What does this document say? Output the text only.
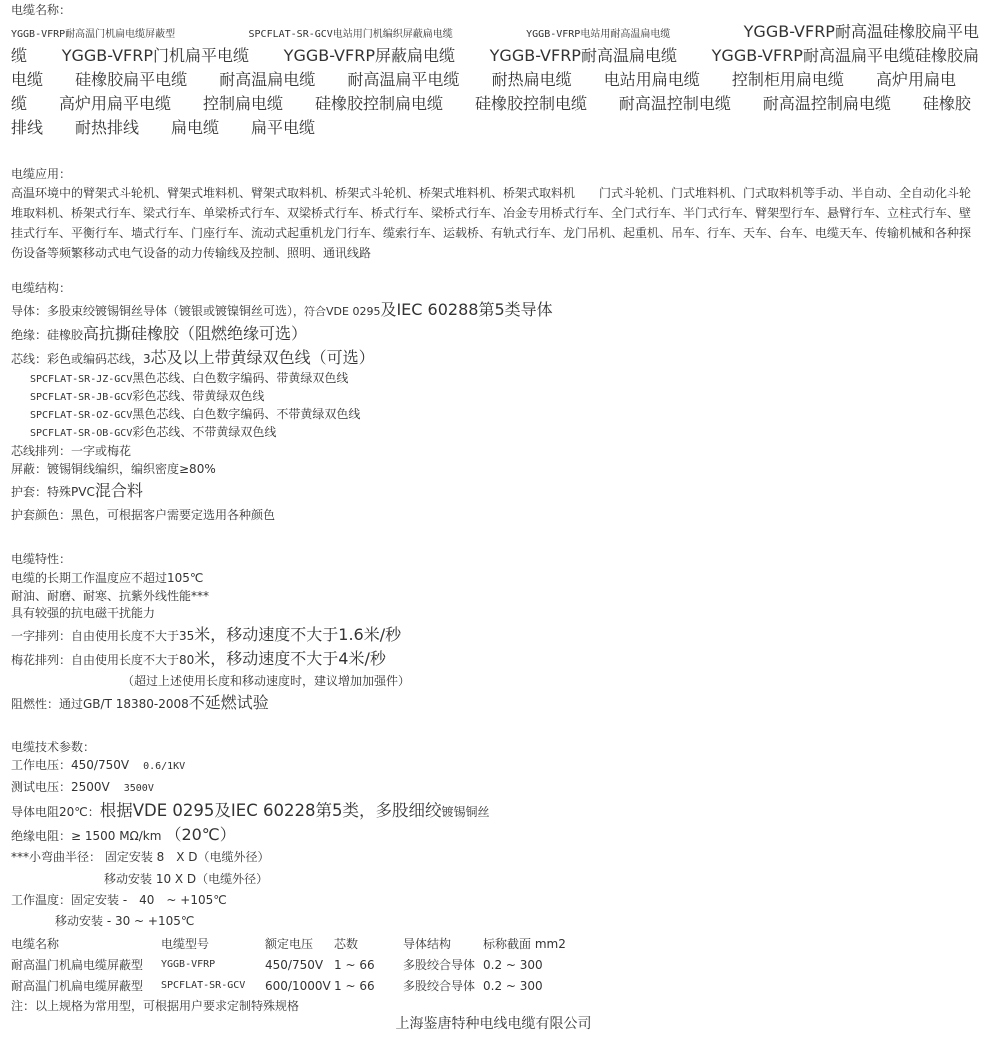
电缆名称：
YGGB-VFRP耐高温门机扁电缆屏蔽型	SPCFLAT-SR-GCV电站用门机编织屏蔽扁电缆	YGGB-VFRP电站用耐高温扁电缆	YGGB-VFRP耐高温硅橡胶扁平电
缆 YGGB-VFRP门机扁平电缆 YGGB-VFRP屏蔽扁电缆 YGGB-VFRP耐高温扁电缆 YGGB-VFRP耐高温扁平电缆硅橡胶扁
电缆 硅橡胶扁平电缆 耐高温扁电缆 耐高温扁平电缆 耐热扁电缆 电站用扁电缆 控制柜用扁电缆 高炉用扁电
缆 高炉用扁平电缆 控制扁电缆 硅橡胶控制扁电缆 硅橡胶控制电缆 耐高温控制电缆 耐高温控制扁电缆 硅橡胶
排线 耐热排线 扁电缆 扁平电缆
电缆应用：
高温环境中的臂架式斗轮机、臂架式堆料机、臂架式取料机、桥架式斗轮机、桥架式堆料机、桥架式取料机　　门式斗轮机、门式堆料机、门式取料机等手动、半自动、全自动化斗轮堆取料机、桥架式行车、梁式行车、单梁桥式行车、双梁桥式行车、桥式行车、梁桥式行车、冶金专用桥式行车、全门式行车、半门式行车、臂架型行车、悬臂行车、立柱式行车、壁挂式行车、平衡行车、墙式行车、门座行车、流动式起重机龙门行车、缆索行车、运载桥、有轨式行车、龙门吊机、起重机、吊车、行车、天车、台车、电缆天车、传输机械和各种探伤设备等频繁移动式电气设备的动力传输线及控制、照明、通讯线路
电缆结构：
导体：多股束绞镀锡铜丝导体（镀银或镀镍铜丝可选），符合VDE 0295及IEC 60288第5类导体
绝缘：硅橡胶高抗撕硅橡胶（阻燃绝缘可选）
芯线：彩色或编码芯线，3芯及以上带黄绿双色线（可选）
SPCFLAT-SR-JZ-GCV黑色芯线、白色数字编码、带黄绿双色线
SPCFLAT-SR-JB-GCV彩色芯线、带黄绿双色线
SPCFLAT-SR-OZ-GCV黑色芯线、白色数字编码、不带黄绿双色线
SPCFLAT-SR-OB-GCV彩色芯线、不带黄绿双色线
芯线排列：一字或梅花
屏蔽：镀锡铜线编织，编织密度≥80%
护套：特殊PVC混合料
护套颜色：黑色，可根据客户需要定选用各种颜色
电缆特性：
电缆的长期工作温度应不超过105℃
耐油、耐磨、耐寒、抗紫外线性能***
具有较强的抗电磁干扰能力
一字排列：自由使用长度不大于35米，移动速度不大于1.6米/秒
梅花排列：自由使用长度不大于80米，移动速度不大于4米/秒
（超过上述使用长度和移动速度时，建议增加加强件）
阻燃性：通过GB/T 18380-2008不延燃试验
电缆技术参数：
工作电压：450/750V 0.6/1KV
测试电压：2500V 3500V
导体电阻20℃：根据VDE 0295及IEC 60228第5类，多股细绞镀锡铜丝
绝缘电阻：≥ 1500 MΩ/km （20℃）
***小弯曲半径： 固定安装 8　X D（电缆外径）
移动安装 10 X D（电缆外径）
工作温度：固定安装 -　40　~ +105℃
移动安装 - 30 ~ +105℃
电缆名称	电缆型号	额定电压	芯数	导体结构	标称截面 mm2
耐高温门机扁电缆屏蔽型	YGGB-VFRP	450/750V	1 ~ 66	多股绞合导体	0.2 ~ 300
耐高温门机扁电缆屏蔽型	SPCFLAT-SR-GCV	600/1000V	1 ~ 66	多股绞合导体	0.2 ~ 300
注：以上规格为常用型，可根据用户要求定制特殊规格
上海鉴唐特种电线电缆有限公司
